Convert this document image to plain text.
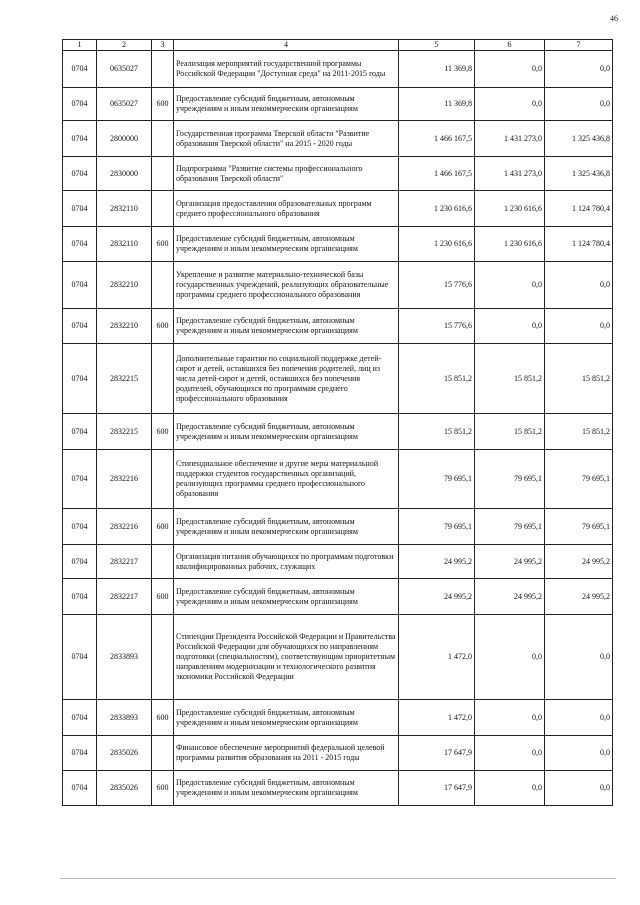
46
1	2	3	4	5	6	7
0704	0635027		Реализация мероприятий государственной программы Российской Федерации "Доступная среда" на 2011-2015 годы	11 369,8	0,0	0,0
0704	0635027	600	Предоставление субсидий бюджетным, автономным учреждениям и иным некоммерческим организациям	11 369,8	0,0	0,0
0704	2800000		Государственная программа Тверской области "Развитие образования Тверской области" на 2015 - 2020 годы	1 466 167,5	1 431 273,0	1 325 436,8
0704	2830000		Подпрограмма "Развитие системы профессионального образования Тверской области"	1 466 167,5	1 431 273,0	1 325 436,8
0704	2832110		Организация предоставления образовательных программ среднего профессионального образования	1 230 616,6	1 230 616,6	1 124 780,4
0704	2832110	600	Предоставление субсидий бюджетным, автономным учреждениям и иным некоммерческим организациям	1 230 616,6	1 230 616,6	1 124 780,4
0704	2832210		Укрепление и развитие материально-технической базы государственных учреждений, реализующих образовательные программы среднего профессионального образования	15 776,6	0,0	0,0
0704	2832210	600	Предоставление субсидий бюджетным, автономным учреждениям и иным некоммерческим организациям	15 776,6	0,0	0,0
0704	2832215		Дополнительные гарантии по социальной поддержке детей-сирот и детей, оставшихся без попечения родителей, лиц из числа детей-сирот и детей, оставшихся без попечения родителей, обучающихся по программам среднего профессионального образования	15 851,2	15 851,2	15 851,2
0704	2832215	600	Предоставление субсидий бюджетным, автономным учреждениям и иным некоммерческим организациям	15 851,2	15 851,2	15 851,2
0704	2832216		Стипендиальное обеспечение и другие меры материальной поддержки студентов государственных организаций, реализующих программы среднего профессионального образования	79 695,1	79 695,1	79 695,1
0704	2832216	600	Предоставление субсидий бюджетным, автономным учреждениям и иным некоммерческим организациям	79 695,1	79 695,1	79 695,1
0704	2832217		Организация питания обучающихся по программам подготовки квалифицированных рабочих, служащих	24 995,2	24 995,2	24 995,2
0704	2832217	600	Предоставление субсидий бюджетным, автономным учреждениям и иным некоммерческим организациям	24 995,2	24 995,2	24 995,2
0704	2833893		Стипендии Президента Российской Федерации и Правительства Российской Федерации для обучающихся по направлениям подготовки (специальностям), соответствующим приоритетным направлениям модернизации и технологического развития экономики Российской Федерации	1 472,0	0,0	0,0
0704	2833893	600	Предоставление субсидий бюджетным, автономным учреждениям и иным некоммерческим организациям	1 472,0	0,0	0,0
0704	2835026		Финансовое обеспечение мероприятий федеральной целевой программы развития образования на 2011 - 2015 годы	17 647,9	0,0	0,0
0704	2835026	600	Предоставление субсидий бюджетным, автономным учреждениям и иным некоммерческим организациям	17 647,9	0,0	0,0
